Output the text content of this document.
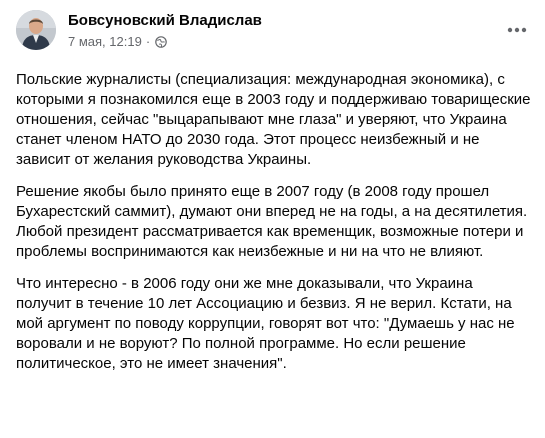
Бовсуновский Владислав
7 мая, 12:19 ·

Польские журналисты (специализация: международная экономика), с которыми я познакомился еще в 2003 году и поддерживаю товарищеские отношения, сейчас "выцарапывают мне глаза" и уверяют, что Украина станет членом НАТО до 2030 года. Этот процесс неизбежный и не зависит от желания руководства Украины.

Решение якобы было принято еще в 2007 году (в 2008 году прошел Бухарестский саммит), думают они вперед не на годы, а на десятилетия. Любой президент рассматривается как временщик, возможные потери и проблемы воспринимаются как неизбежные и ни на что не влияют.

Что интересно - в 2006 году они же мне доказывали, что Украина получит в течение 10 лет Ассоциацию и безвиз. Я не верил. Кстати, на мой аргумент по поводу коррупции, говорят вот что: "Думаешь у нас не воровали и не воруют? По полной программе. Но если решение политическое, это не имеет значения".
